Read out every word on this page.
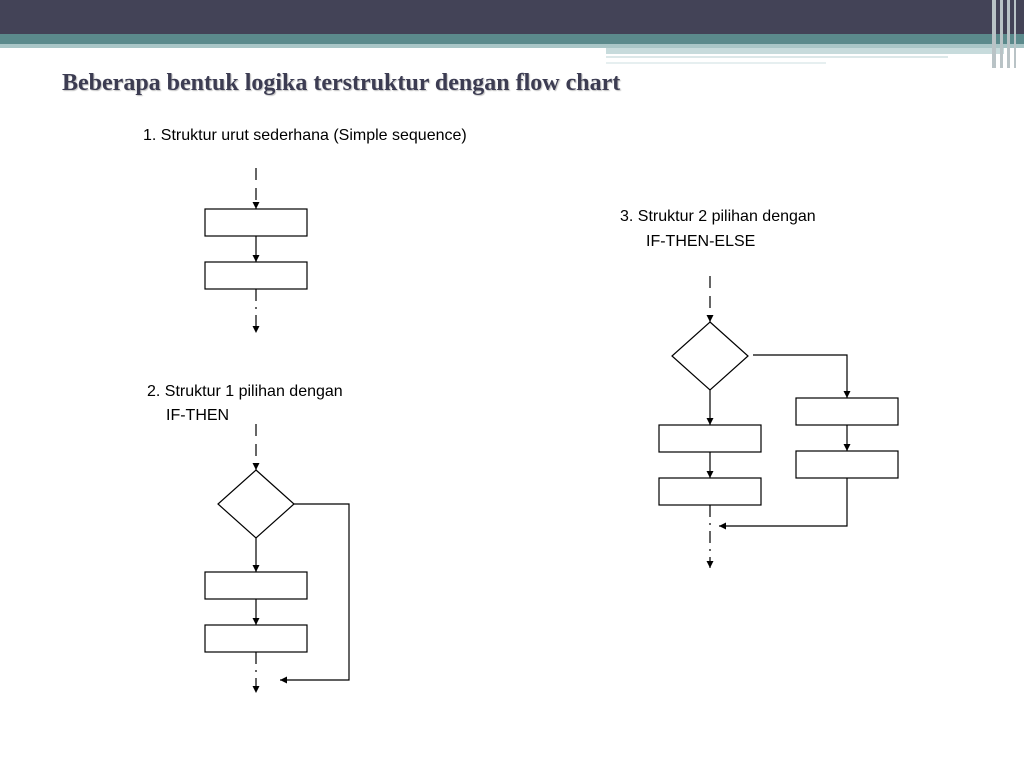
Beberapa bentuk logika terstruktur dengan flow chart
1. Struktur urut sederhana (Simple sequence)
2. Struktur 1 pilihan dengan
IF-THEN
3. Struktur 2 pilihan dengan
IF-THEN-ELSE
